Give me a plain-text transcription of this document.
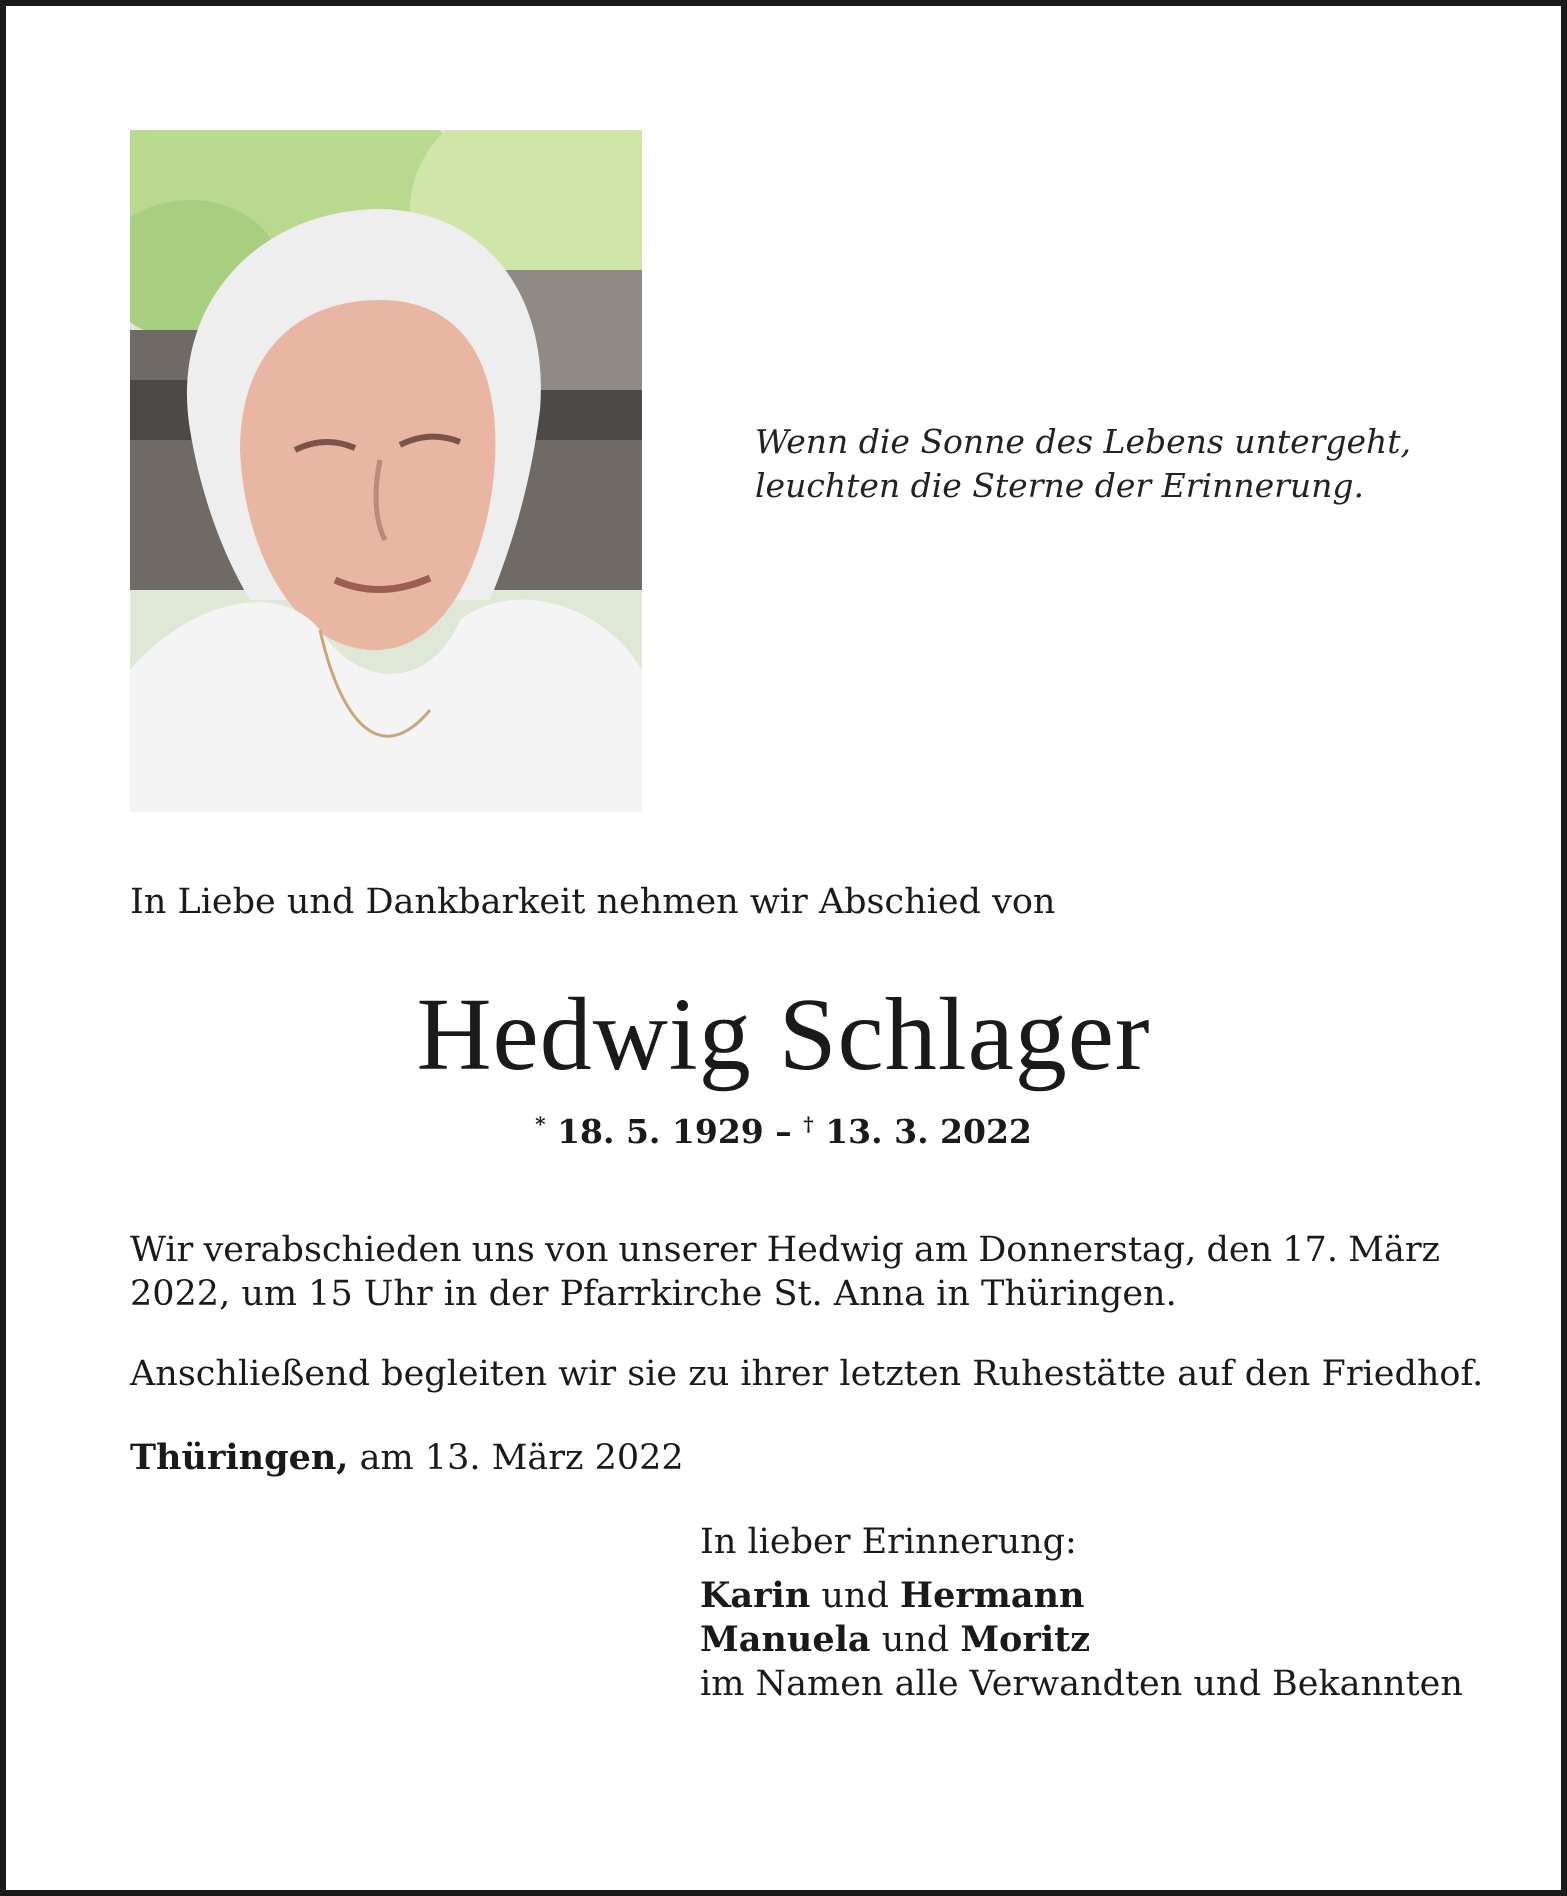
Wenn die Sonne des Lebens untergeht,
leuchten die Sterne der Erinnerung.
In Liebe und Dankbarkeit nehmen wir Abschied von
Hedwig Schlager
* 18. 5. 1929 – † 13. 3. 2022
Wir verabschieden uns von unserer Hedwig am Donnerstag, den 17. März
2022, um 15 Uhr in der Pfarrkirche St. Anna in Thüringen.
Anschließend begleiten wir sie zu ihrer letzten Ruhestätte auf den Friedhof.
Thüringen, am 13. März 2022
In lieber Erinnerung:
Karin und Hermann
Manuela und Moritz
im Namen alle Verwandten und Bekannten
